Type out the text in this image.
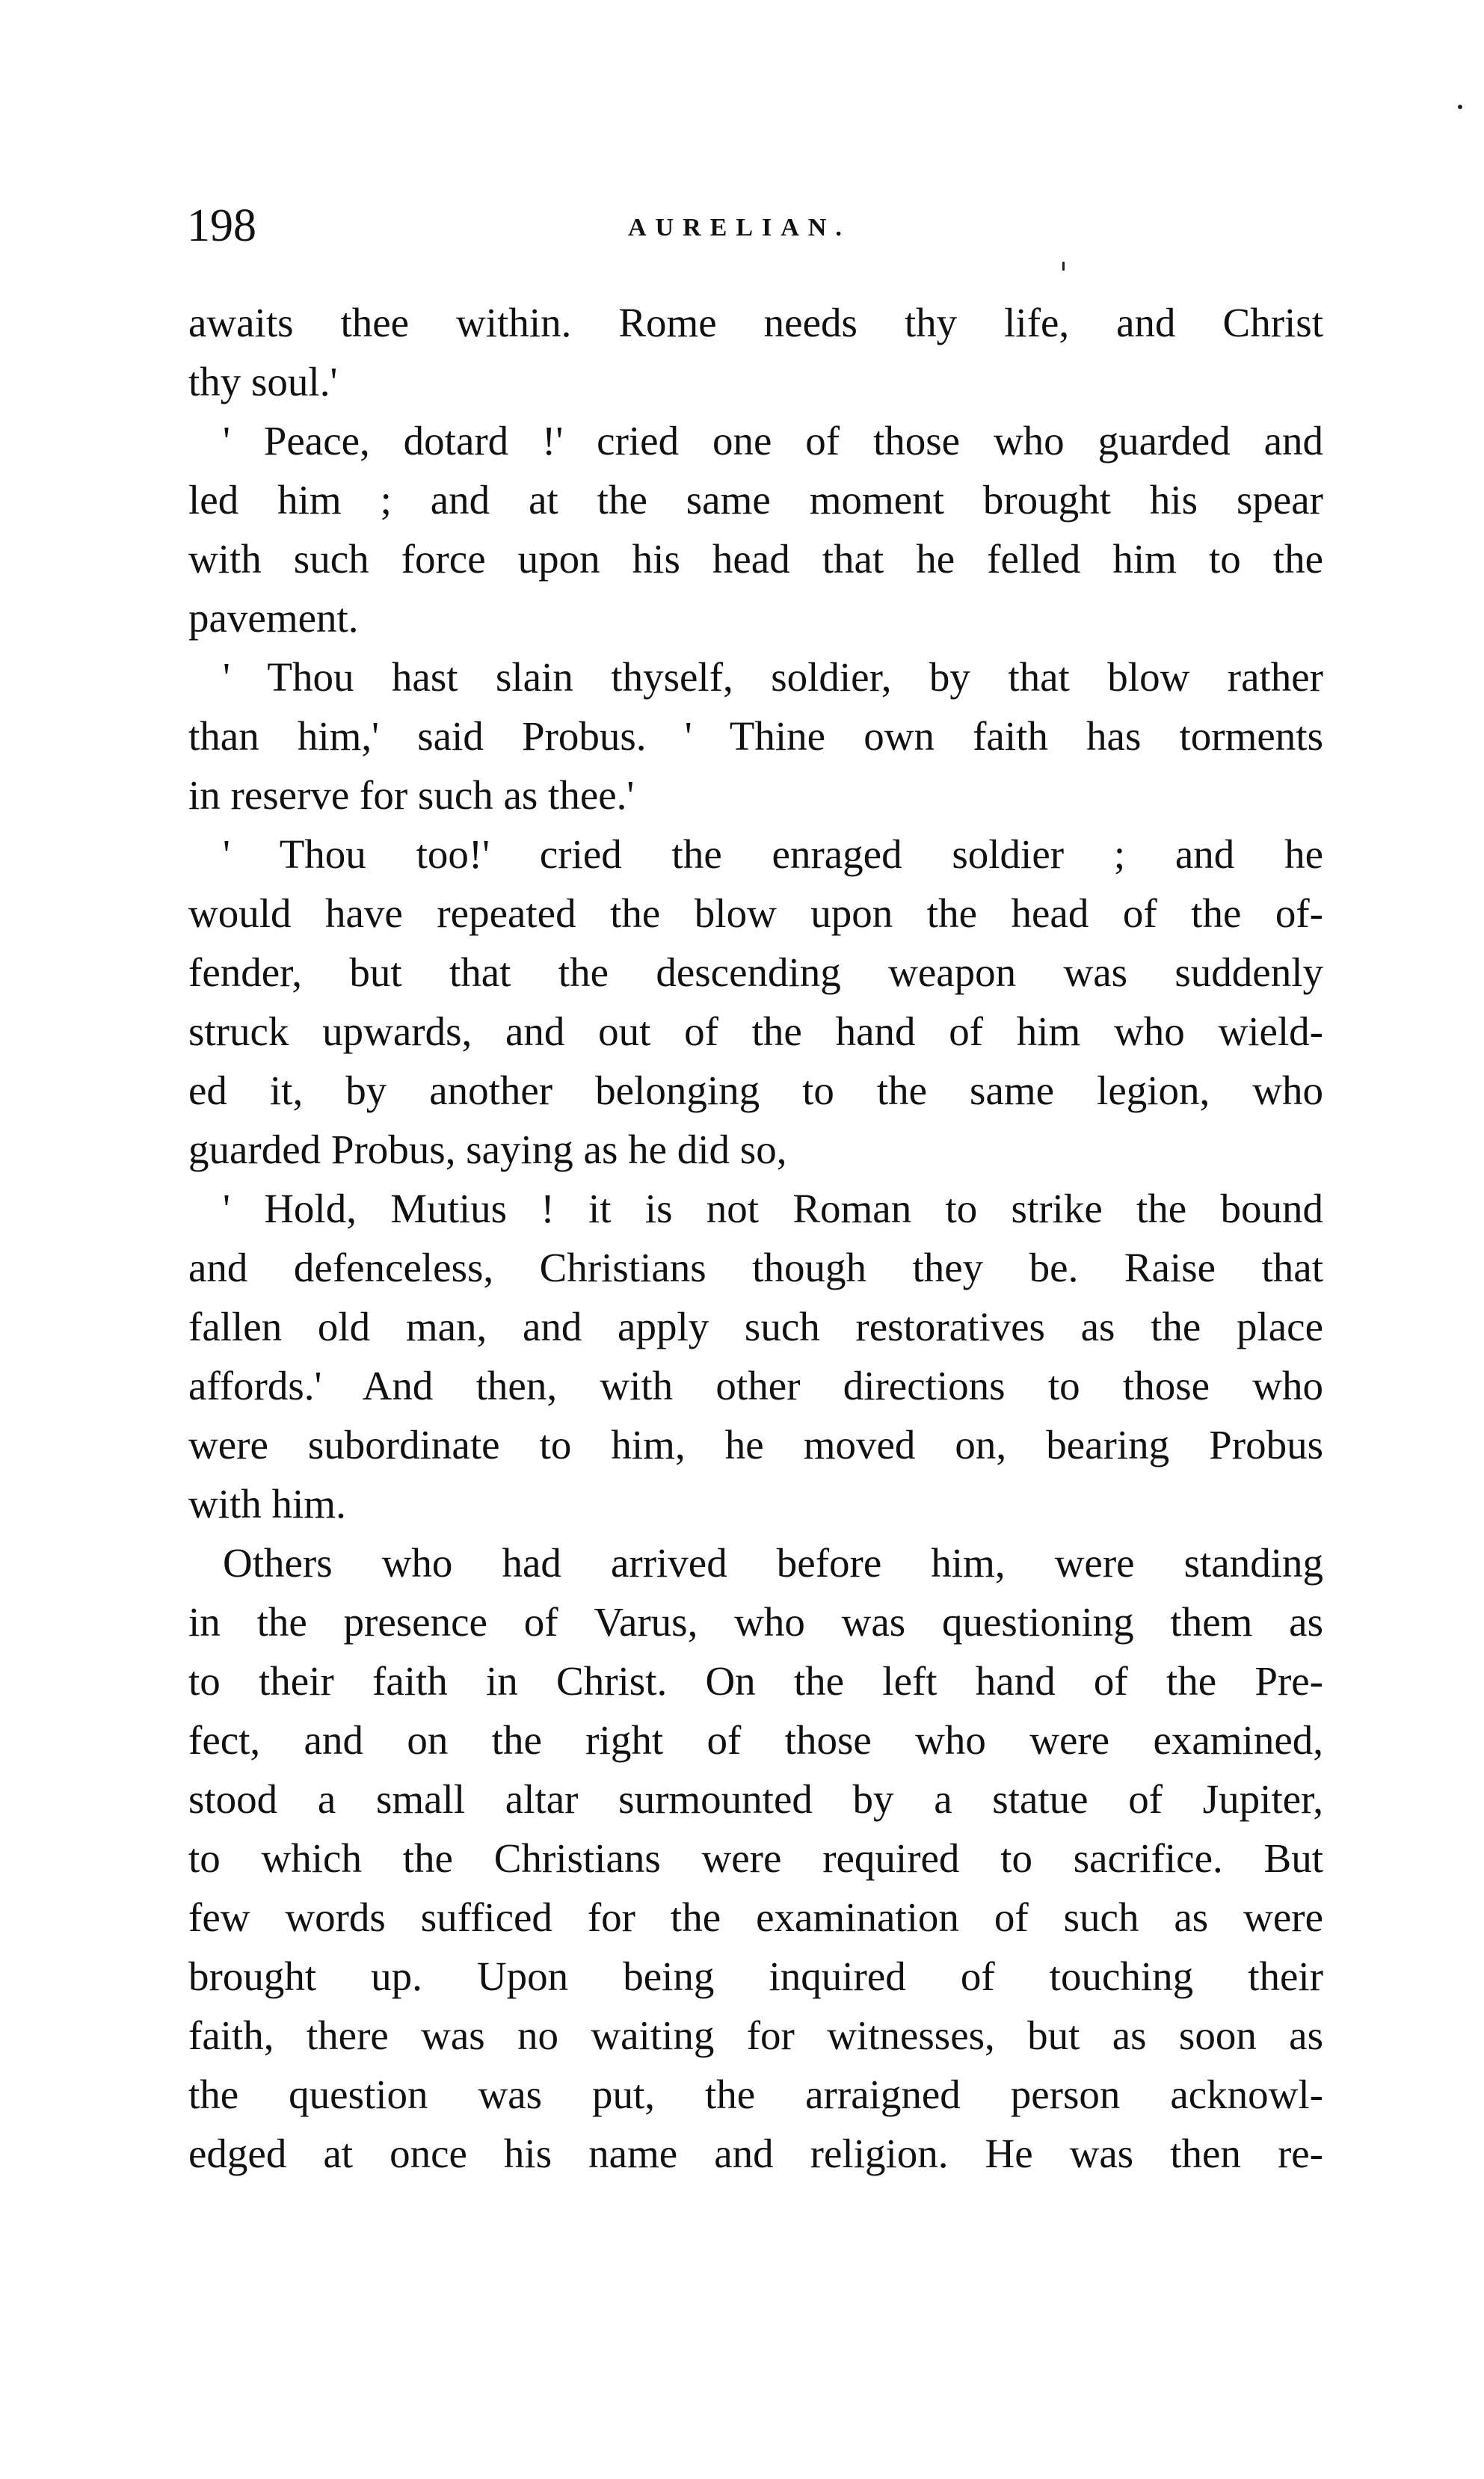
198	AURELIAN.
awaits thee within. Rome needs thy life, and Christ
thy soul.'
' Peace, dotard !' cried one of those who guarded and
led him ; and at the same moment brought his spear
with such force upon his head that he felled him to the
pavement.
' Thou hast slain thyself, soldier, by that blow rather
than him,' said Probus. ' Thine own faith has torments
in reserve for such as thee.'
' Thou too!' cried the enraged soldier ; and he
would have repeated the blow upon the head of the of-
fender, but that the descending weapon was suddenly
struck upwards, and out of the hand of him who wield-
ed it, by another belonging to the same legion, who
guarded Probus, saying as he did so,
' Hold, Mutius ! it is not Roman to strike the bound
and defenceless, Christians though they be. Raise that
fallen old man, and apply such restoratives as the place
affords.' And then, with other directions to those who
were subordinate to him, he moved on, bearing Probus
with him.
Others who had arrived before him, were standing
in the presence of Varus, who was questioning them as
to their faith in Christ. On the left hand of the Pre-
fect, and on the right of those who were examined,
stood a small altar surmounted by a statue of Jupiter,
to which the Christians were required to sacrifice. But
few words sufficed for the examination of such as were
brought up. Upon being inquired of touching their
faith, there was no waiting for witnesses, but as soon as
the question was put, the arraigned person acknowl-
edged at once his name and religion. He was then re-
